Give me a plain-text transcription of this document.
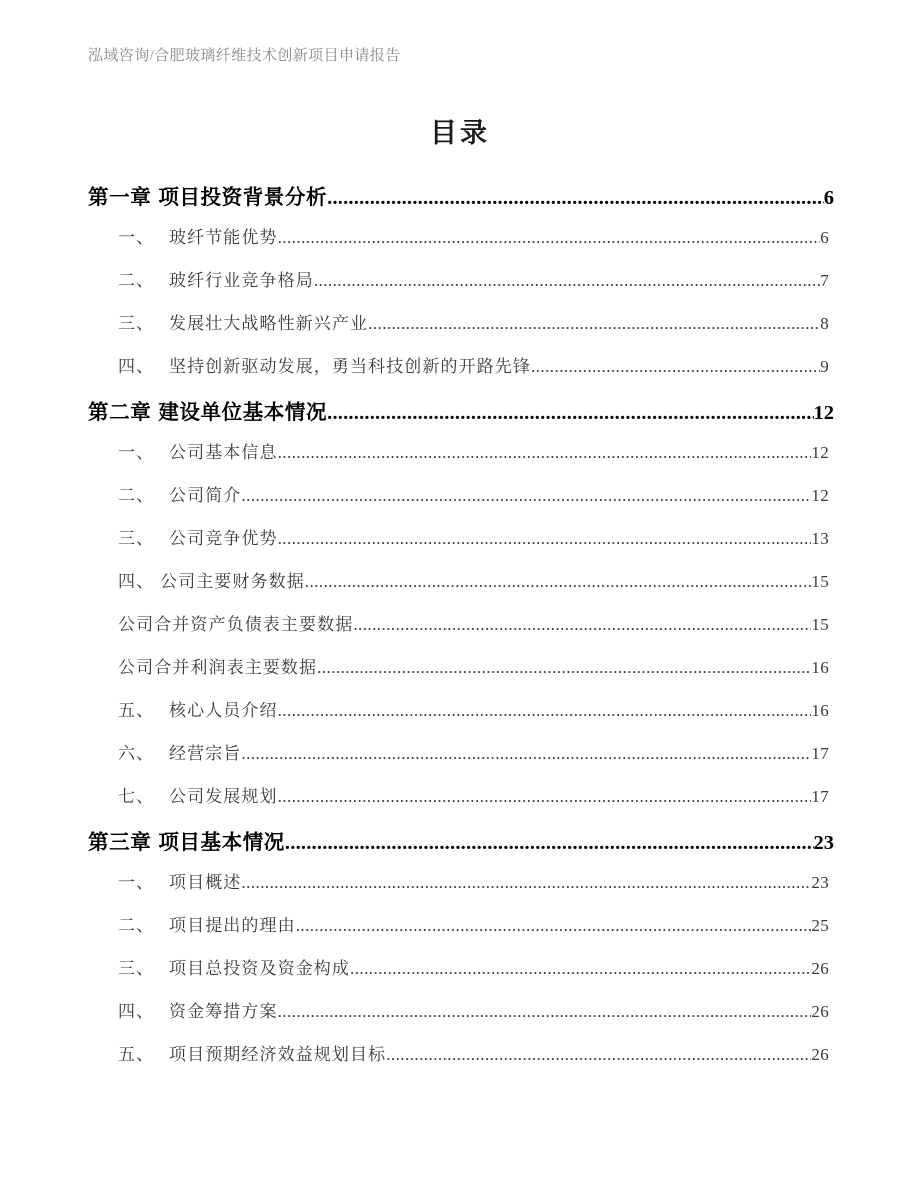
泓域咨询/合肥玻璃纤维技术创新项目申请报告
目录
第一章 项目投资背景分析 .....	6
一、 玻纤节能优势 .....	6
二、 玻纤行业竞争格局 .....	7
三、 发展壮大战略性新兴产业 .....	8
四、 坚持创新驱动发展，勇当科技创新的开路先锋 .....	9
第二章 建设单位基本情况 .....	12
一、 公司基本信息 .....	12
二、 公司简介 .....	12
三、 公司竞争优势 .....	13
四、 公司主要财务数据 .....	15
公司合并资产负债表主要数据 .....	15
公司合并利润表主要数据 .....	16
五、 核心人员介绍 .....	16
六、 经营宗旨 .....	17
七、 公司发展规划 .....	17
第三章 项目基本情况 .....	23
一、 项目概述 .....	23
二、 项目提出的理由 .....	25
三、 项目总投资及资金构成 .....	26
四、 资金筹措方案 .....	26
五、 项目预期经济效益规划目标 .....	26
